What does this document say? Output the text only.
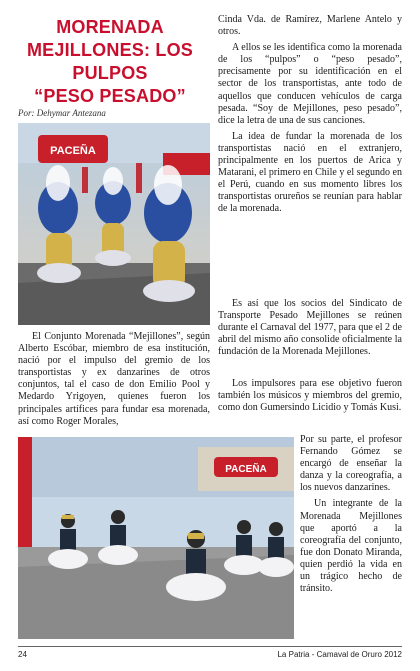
MORENADA
MEJILLONES: LOS PULPOS
“PESO PESADO”
Por: Dehymar Antezana

Cinda Vda. de Ramírez, Marlene Antelo y otros.

A ellos se les identifica como la morenada de los “pulpos” o “peso pesado”, precisamente por su identificación en el sector de los transportistas, ante todo de aquellos que conducen vehículos de carga pesada. “Soy de Mejillones, peso pesado”, dice la letra de una de sus canciones.

La idea de fundar la morenada de los transportistas nació en el extranjero, principalmente en los puertos de Arica y Matarani, el primero en Chile y el segundo en el Perú, cuando en sus momento libres los transportistas orureños se reunían para hablar de la morenada.

Es así que los socios del Sindicato de Transporte Pesado Mejillones se reúnen durante el Carnaval del 1977, para que el 2 de abril del mismo año consolide oficialmente la fundación de la Morenada Mejillones.

PACEÑA

El Conjunto Morenada “Mejillones”, según Alberto Escóbar, miembro de esa institución, nació por el impulso del gremio de los transportistas y ex danzarines de otros conjuntos, tal el caso de don Emilio Pool y Medardo Yrigoyen, quienes fueron los principales artífices para fundar esa morenada, así como Roger Morales,

Los impulsores para ese objetivo fueron también los músicos y miembros del gremio, como don Gumersindo Licidio y Tomás Kusi.

PACEÑA

Por su parte, el profesor Fernando Gómez se encargó de enseñar la danza y la coreografía, a los nuevos danzarines.

Un integrante de la Morenada Mejillones que aportó a la coreografía del conjunto, fue don Donato Miranda, quien perdió la vida en un trágico hecho de tránsito.

24	La Patria - Camaval de Oruro 2012
